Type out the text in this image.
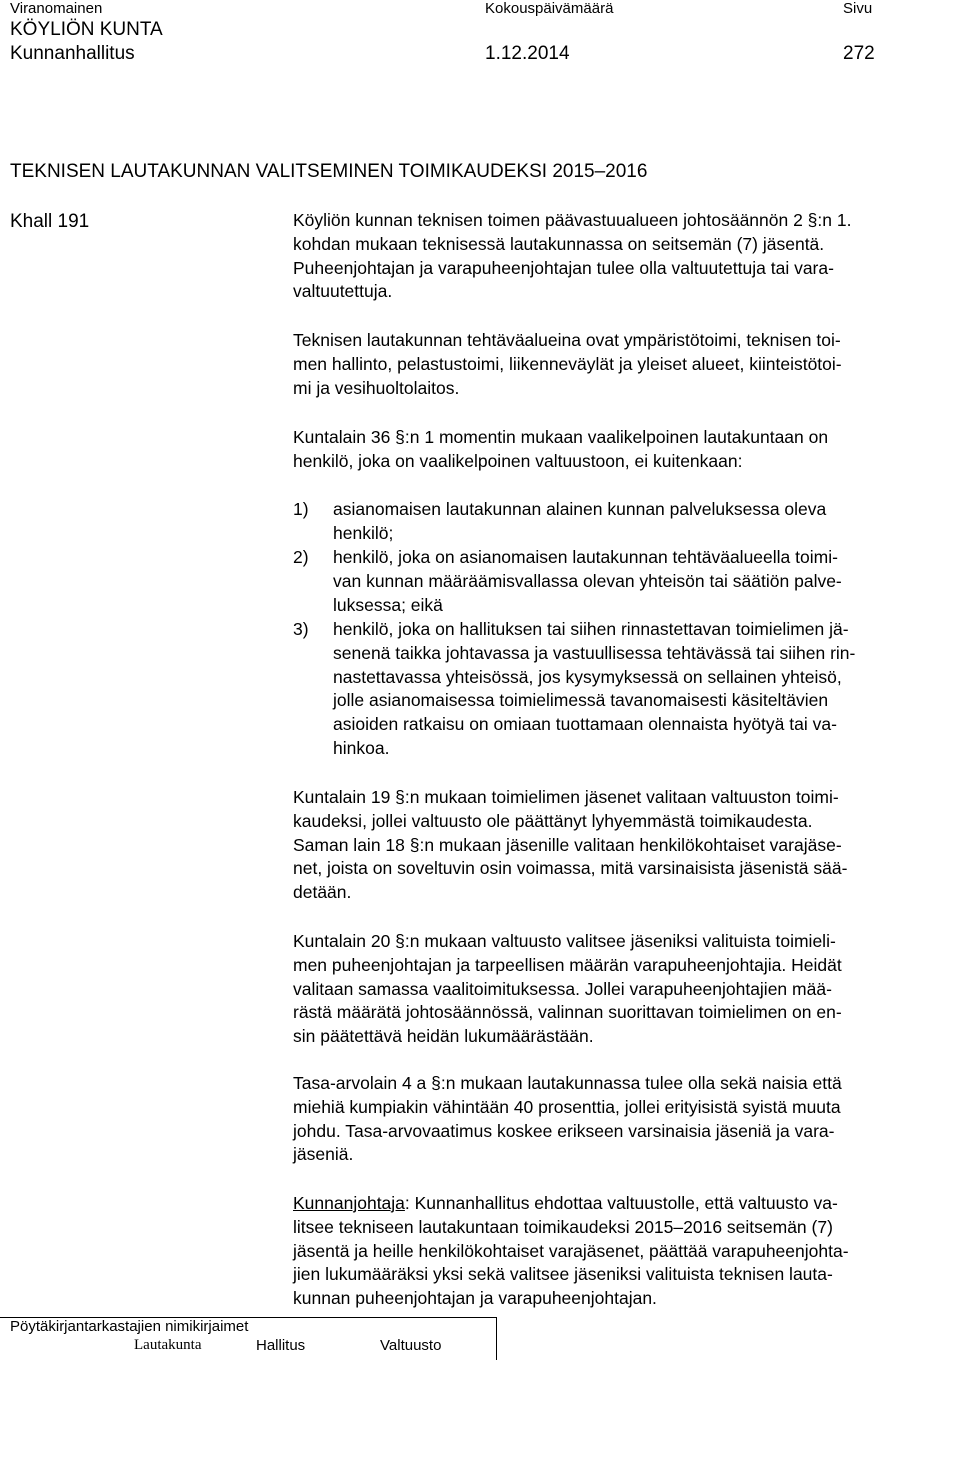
Viranomainen	Kokouspäivämäärä	Sivu
KÖYLIÖN KUNTA
Kunnanhallitus	1.12.2014	272
TEKNISEN LAUTAKUNNAN VALITSEMINEN TOIMIKAUDEKSI 2015–2016
Khall 191	Köyliön kunnan teknisen toimen päävastuualueen johtosäännön 2 §:n 1.
kohdan mukaan teknisessä lautakunnassa on seitsemän (7) jäsentä.
Puheenjohtajan ja varapuheenjohtajan tulee olla valtuutettuja tai vara-
valtuutettuja.
Teknisen lautakunnan tehtäväalueina ovat ympäristötoimi, teknisen toi-
men hallinto, pelastustoimi, liikenneväylät ja yleiset alueet, kiinteistötoi-
mi ja vesihuoltolaitos.
Kuntalain 36 §:n 1 momentin mukaan vaalikelpoinen lautakuntaan on
henkilö, joka on vaalikelpoinen valtuustoon, ei kuitenkaan:
1) asianomaisen lautakunnan alainen kunnan palveluksessa oleva
henkilö;
2) henkilö, joka on asianomaisen lautakunnan tehtäväalueella toimi-
van kunnan määräämisvallassa olevan yhteisön tai säätiön palve-
luksessa; eikä
3) henkilö, joka on hallituksen tai siihen rinnastettavan toimielimen jä-
senenä taikka johtavassa ja vastuullisessa tehtävässä tai siihen rin-
nastettavassa yhteisössä, jos kysymyksessä on sellainen yhteisö,
jolle asianomaisessa toimielimessä tavanomaisesti käsiteltävien
asioiden ratkaisu on omiaan tuottamaan olennaista hyötyä tai va-
hinkoa.
Kuntalain 19 §:n mukaan toimielimen jäsenet valitaan valtuuston toimi-
kaudeksi, jollei valtuusto ole päättänyt lyhyemmästä toimikaudesta.
Saman lain 18 §:n mukaan jäsenille valitaan henkilökohtaiset varajäse-
net, joista on soveltuvin osin voimassa, mitä varsinaisista jäsenistä sää-
detään.
Kuntalain 20 §:n mukaan valtuusto valitsee jäseniksi valituista toimieli-
men puheenjohtajan ja tarpeellisen määrän varapuheenjohtajia. Heidät
valitaan samassa vaalitoimituksessa. Jollei varapuheenjohtajien mää-
rästä määrätä johtosäännössä, valinnan suorittavan toimielimen on en-
sin päätettävä heidän lukumäärästään.
Tasa-arvolain 4 a §:n mukaan lautakunnassa tulee olla sekä naisia että
miehiä kumpiakin vähintään 40 prosenttia, jollei erityisistä syistä muuta
johdu. Tasa-arvovaatimus koskee erikseen varsinaisia jäseniä ja vara-
jäseniä.
Kunnanjohtaja: Kunnanhallitus ehdottaa valtuustolle, että valtuusto va-
litsee tekniseen lautakuntaan toimikaudeksi 2015–2016 seitsemän (7)
jäsentä ja heille henkilökohtaiset varajäsenet, päättää varapuheenjohta-
jien lukumääräksi yksi sekä valitsee jäseniksi valituista teknisen lauta-
kunnan puheenjohtajan ja varapuheenjohtajan.
Pöytäkirjantarkastajien nimikirjaimet
Lautakunta	Hallitus	Valtuusto
